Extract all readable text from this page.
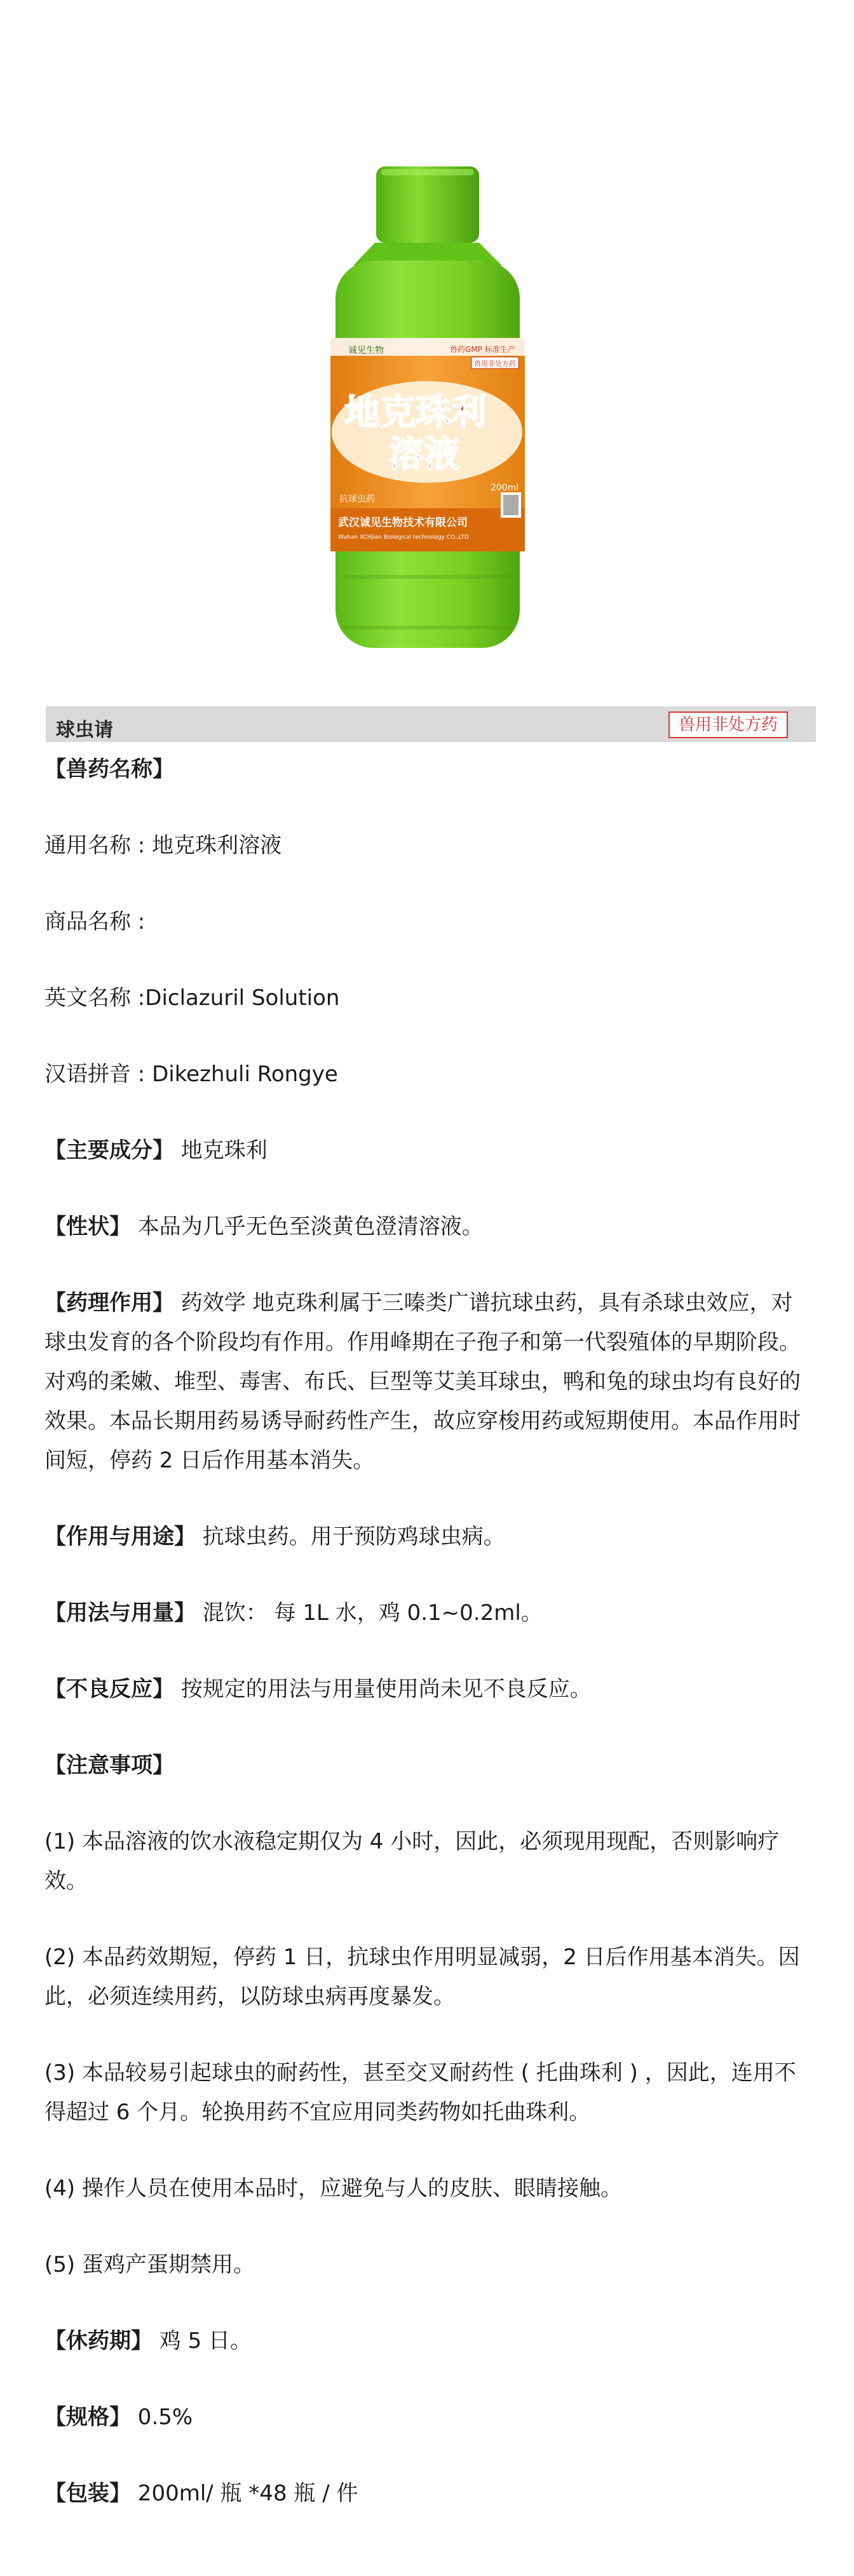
诚见生物	兽药GMP 标准生产
兽用非处方药
地克珠利
溶液
抗球虫药
200ml
武汉诚见生物技术有限公司
Wuhan XCHjian Biological technology CO.,LTD
球虫请	兽用非处方药

【兽药名称】

通用名称 : 地克珠利溶液

商品名称 :

英文名称 :Diclazuril Solution

汉语拼音 : Dikezhuli Rongye

【主要成分】 地克珠利

【性状】 本品为几乎无色至淡黄色澄清溶液。

【药理作用】 药效学 地克珠利属于三嗪类广谱抗球虫药，具有杀球虫效应，对球虫发育的各个阶段均有作用。作用峰期在子孢子和第一代裂殖体的早期阶段。对鸡的柔嫩、堆型、毒害、布氏、巨型等艾美耳球虫，鸭和兔的球虫均有良好的效果。本品长期用药易诱导耐药性产生，故应穿梭用药或短期使用。本品作用时间短，停药 2 日后作用基本消失。

【作用与用途】 抗球虫药。用于预防鸡球虫病。

【用法与用量】 混饮： 每 1L 水，鸡 0.1~0.2ml。

【不良反应】 按规定的用法与用量使用尚未见不良反应。

【注意事项】

(1) 本品溶液的饮水液稳定期仅为 4 小时，因此，必须现用现配，否则影响疗效。

(2) 本品药效期短，停药 1 日，抗球虫作用明显减弱，2 日后作用基本消失。因此，必须连续用药，以防球虫病再度暴发。

(3) 本品较易引起球虫的耐药性，甚至交叉耐药性 ( 托曲珠利 ) ，因此，连用不得超过 6 个月。轮换用药不宜应用同类药物如托曲珠利。

(4) 操作人员在使用本品时，应避免与人的皮肤、眼睛接触。

(5) 蛋鸡产蛋期禁用。

【休药期】 鸡 5 日。

【规格】 0.5%

【包装】 200ml/ 瓶 *48 瓶 / 件
